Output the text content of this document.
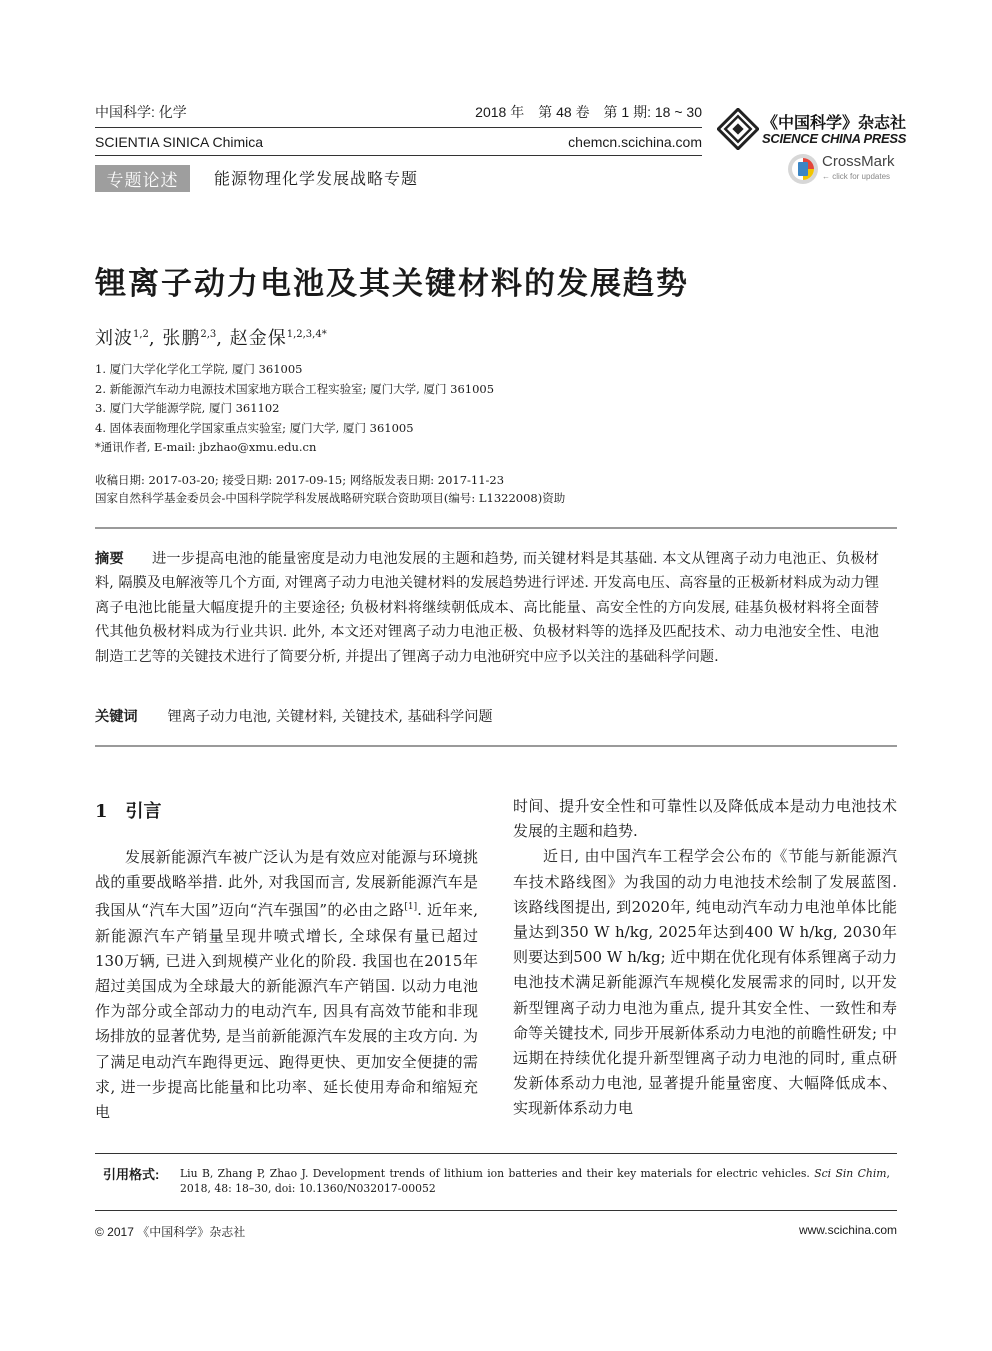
中国科学: 化学	2018 年　第 48 卷　第 1 期: 18 ~ 30
SCIENTIA SINICA Chimica	chemcn.scichina.com
《中国科学》杂志社
SCIENCE CHINA PRESS
CrossMark
← click for updates
专题论述	能源物理化学发展战略专题
锂离子动力电池及其关键材料的发展趋势
刘波$^{1,2}$, 张鹏$^{2,3}$, 赵金保$^{1,2,3,4*}$
1. 厦门大学化学化工学院, 厦门 361005
2. 新能源汽车动力电源技术国家地方联合工程实验室; 厦门大学, 厦门 361005
3. 厦门大学能源学院, 厦门 361102
4. 固体表面物理化学国家重点实验室; 厦门大学, 厦门 361005
*通讯作者, E-mail: jbzhao@xmu.edu.cn
收稿日期: 2017-03-20; 接受日期: 2017-09-15; 网络版发表日期: 2017-11-23
国家自然科学基金委员会-中国科学院学科发展战略研究联合资助项目(编号: L1322008)资助
摘要 进一步提高电池的能量密度是动力电池发展的主题和趋势, 而关键材料是其基础. 本文从锂离子动力电池正、负极材料, 隔膜及电解液等几个方面, 对锂离子动力电池关键材料的发展趋势进行评述. 开发高电压、高容量的正极新材料成为动力锂离子电池比能量大幅度提升的主要途径; 负极材料将继续朝低成本、高比能量、高安全性的方向发展, 硅基负极材料将全面替代其他负极材料成为行业共识. 此外, 本文还对锂离子动力电池正极、负极材料等的选择及匹配技术、动力电池安全性、电池制造工艺等的关键技术进行了简要分析, 并提出了锂离子动力电池研究中应予以关注的基础科学问题.
关键词 锂离子动力电池, 关键材料, 关键技术, 基础科学问题
1 引言

发展新能源汽车被广泛认为是有效应对能源与环境挑战的重要战略举措. 此外, 对我国而言, 发展新能源汽车是我国从“汽车大国”迈向“汽车强国”的必由之路[1]. 近年来, 新能源汽车产销量呈现井喷式增长, 全球保有量已超过130万辆, 已进入到规模产业化的阶段. 我国也在2015年超过美国成为全球最大的新能源汽车产销国. 以动力电池作为部分或全部动力的电动汽车, 因具有高效节能和非现场排放的显著优势, 是当前新能源汽车发展的主攻方向. 为了满足电动汽车跑得更远、跑得更快、更加安全便捷的需求, 进一步提高比能量和比功率、延长使用寿命和缩短充电

时间、提升安全性和可靠性以及降低成本是动力电池技术发展的主题和趋势.

近日, 由中国汽车工程学会公布的《节能与新能源汽车技术路线图》为我国的动力电池技术绘制了发展蓝图. 该路线图提出, 到2020年, 纯电动汽车动力电池单体比能量达到350 W h/kg, 2025年达到400 W h/kg, 2030年则要达到500 W h/kg; 近中期在优化现有体系锂离子动力电池技术满足新能源汽车规模化发展需求的同时, 以开发新型锂离子动力电池为重点, 提升其安全性、一致性和寿命等关键技术, 同步开展新体系动力电池的前瞻性研发; 中远期在持续优化提升新型锂离子动力电池的同时, 重点研发新体系动力电池, 显著提升能量密度、大幅降低成本、实现新体系动力电

引用格式: Liu B, Zhang P, Zhao J. Development trends of lithium ion batteries and their key materials for electric vehicles. Sci Sin Chim, 2018, 48: 18–30, doi: 10.1360/N032017-00052
© 2017 《中国科学》杂志社	www.scichina.com
